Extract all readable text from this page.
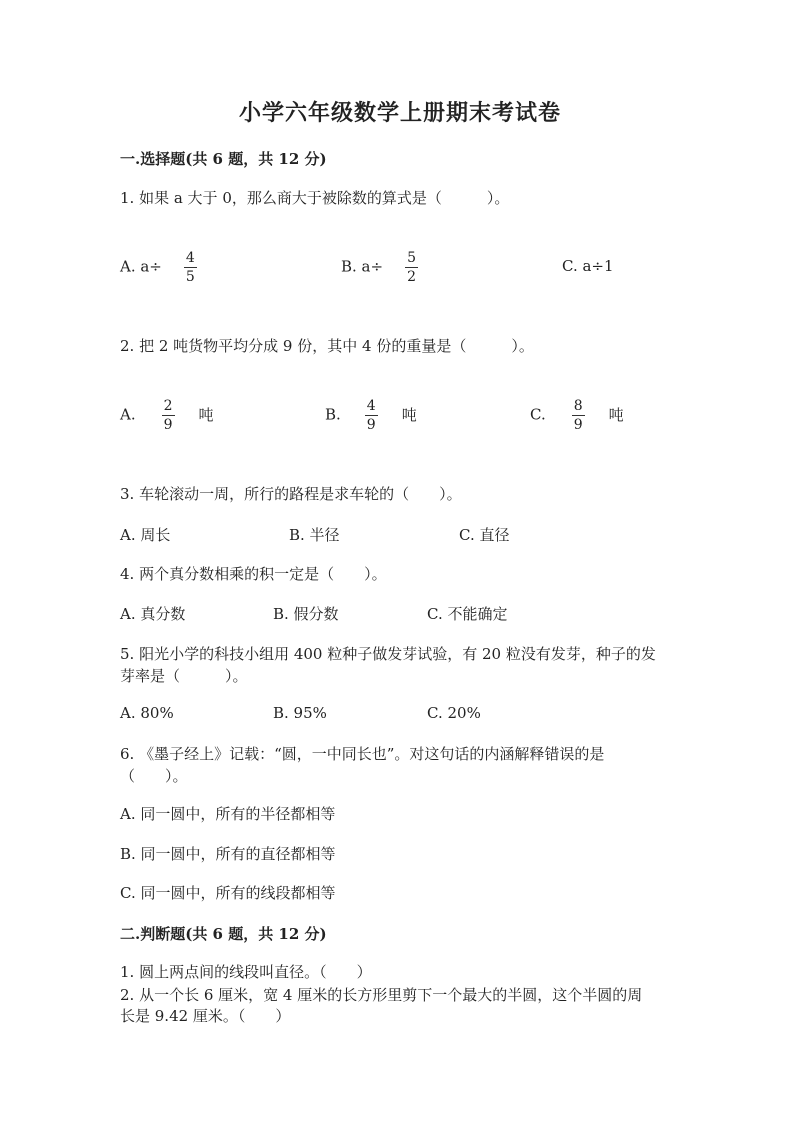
小学六年级数学上册期末考试卷
一.选择题(共 6 题，共 12 分)
1. 如果 a 大于 0，那么商大于被除数的算式是（　　　）。
A. $a\div \frac{4}{5}$	B. $a\div \frac{5}{2}$	C. a÷1
2. 把 2 吨货物平均分成 9 份，其中 4 份的重量是（　　　）。
A. $\frac{2}{9}$ 吨	B. $\frac{4}{9}$ 吨	C. $\frac{8}{9}$ 吨
3. 车轮滚动一周，所行的路程是求车轮的（　　）。
A. 周长	B. 半径	C. 直径
4. 两个真分数相乘的积一定是（　　）。
A. 真分数	B. 假分数	C. 不能确定
5. 阳光小学的科技小组用 400 粒种子做发芽试验，有 20 粒没有发芽，种子的发
芽率是（　　　）。
A. 80%	B. 95%	C. 20%
6. 《墨子经上》记载：“圆，一中同长也”。对这句话的内涵解释错误的是
（　　）。
A. 同一圆中，所有的半径都相等
B. 同一圆中，所有的直径都相等
C. 同一圆中，所有的线段都相等
二.判断题(共 6 题，共 12 分)
1. 圆上两点间的线段叫直径。（　　）
2. 从一个长 6 厘米，宽 4 厘米的长方形里剪下一个最大的半圆，这个半圆的周
长是 9.42 厘米。（　　）
